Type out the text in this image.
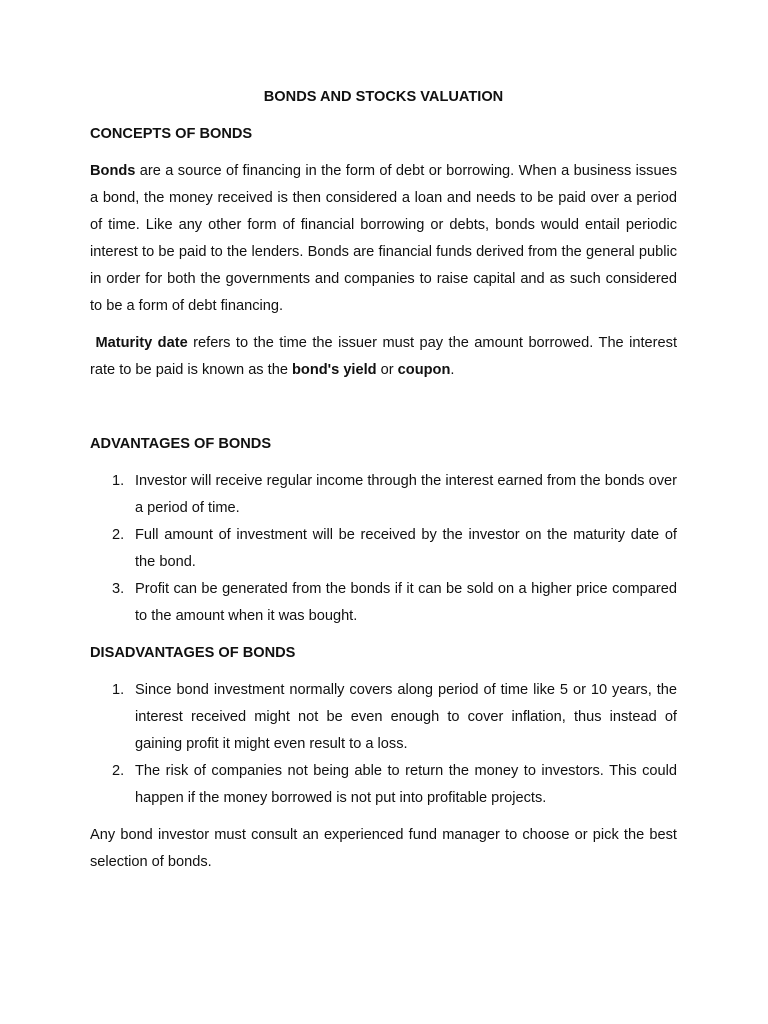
BONDS AND STOCKS VALUATION
CONCEPTS OF BONDS

Bonds are a source of financing in the form of debt or borrowing. When a business issues a bond, the money received is then considered a loan and needs to be paid over a period of time. Like any other form of financial borrowing or debts, bonds would entail periodic interest to be paid to the lenders. Bonds are financial funds derived from the general public in order for both the governments and companies to raise capital and as such considered to be a form of debt financing.

Maturity date refers to the time the issuer must pay the amount borrowed. The interest rate to be paid is known as the bond's yield or coupon.

ADVANTAGES OF BONDS
1. Investor will receive regular income through the interest earned from the bonds over a period of time.
2. Full amount of investment will be received by the investor on the maturity date of the bond.
3. Profit can be generated from the bonds if it can be sold on a higher price compared to the amount when it was bought.
DISADVANTAGES OF BONDS
1. Since bond investment normally covers along period of time like 5 or 10 years, the interest received might not be even enough to cover inflation, thus instead of gaining profit it might even result to a loss.
2. The risk of companies not being able to return the money to investors. This could happen if the money borrowed is not put into profitable projects.

Any bond investor must consult an experienced fund manager to choose or pick the best selection of bonds.
